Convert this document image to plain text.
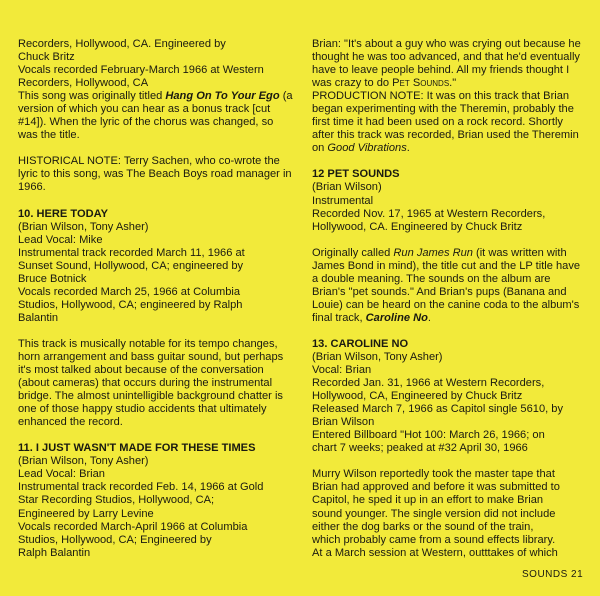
Recorders, Hollywood, CA. Engineered by

Chuck Britz

Vocals recorded February-March 1966 at Western

Recorders, Hollywood, CA

This song was originally titled Hang On To Your Ego (a version of which you can hear as a bonus track [cut #14]). When the lyric of the chorus was changed, so was the title.

HISTORICAL NOTE: Terry Sachen, who co-wrote the lyric to this song, was The Beach Boys road manager in 1966.

10. HERE TODAY

(Brian Wilson, Tony Asher)

Lead Vocal: Mike

Instrumental track recorded March 11, 1966 at

Sunset Sound, Hollywood, CA; engineered by

Bruce Botnick

Vocals recorded March 25, 1966 at Columbia

Studios, Hollywood, CA; engineered by Ralph

Balantin

This track is musically notable for its tempo changes, horn arrangement and bass guitar sound, but perhaps it's most talked about because of the conversation (about cameras) that occurs during the instrumental bridge. The almost unintelligible background chatter is one of those happy studio accidents that ultimately enhanced the record.

11. I JUST WASN'T MADE FOR THESE TIMES

(Brian Wilson, Tony Asher)

Lead Vocal: Brian

Instrumental track recorded Feb. 14, 1966 at Gold

Star Recording Studios, Hollywood, CA;

Engineered by Larry Levine

Vocals recorded March-April 1966 at Columbia

Studios, Hollywood, CA; Engineered by

Ralph Balantin

Brian: "It's about a guy who was crying out because he thought he was too advanced, and that he'd eventually have to leave people behind. All my friends thought I was crazy to do Pet Sounds."

PRODUCTION NOTE: It was on this track that Brian began experimenting with the Theremin, probably the first time it had been used on a rock record. Shortly after this track was recorded, Brian used the Theremin on Good Vibrations.

12 PET SOUNDS

(Brian Wilson)

Instrumental

Recorded Nov. 17, 1965 at Western Recorders,

Hollywood, CA. Engineered by Chuck Britz

Originally called Run James Run (it was written with James Bond in mind), the title cut and the LP title have a double meaning. The sounds on the album are Brian's "pet sounds." And Brian's pups (Banana and Louie) can be heard on the canine coda to the album's final track, Caroline No.

13. CAROLINE NO

(Brian Wilson, Tony Asher)

Vocal: Brian

Recorded Jan. 31, 1966 at Western Recorders,

Hollywood, CA, Engineered by Chuck Britz

Released March 7, 1966 as Capitol single 5610, by

Brian Wilson

Entered Billboard "Hot 100: March 26, 1966; on

chart 7 weeks; peaked at #32 April 30, 1966

Murry Wilson reportedly took the master tape that

Brian had approved and before it was submitted to

Capitol, he sped it up in an effort to make Brian

sound younger. The single version did not include

either the dog barks or the sound of the train,

which probably came from a sound effects library.

At a March session at Western, outttakes of which

SOUNDS 21
